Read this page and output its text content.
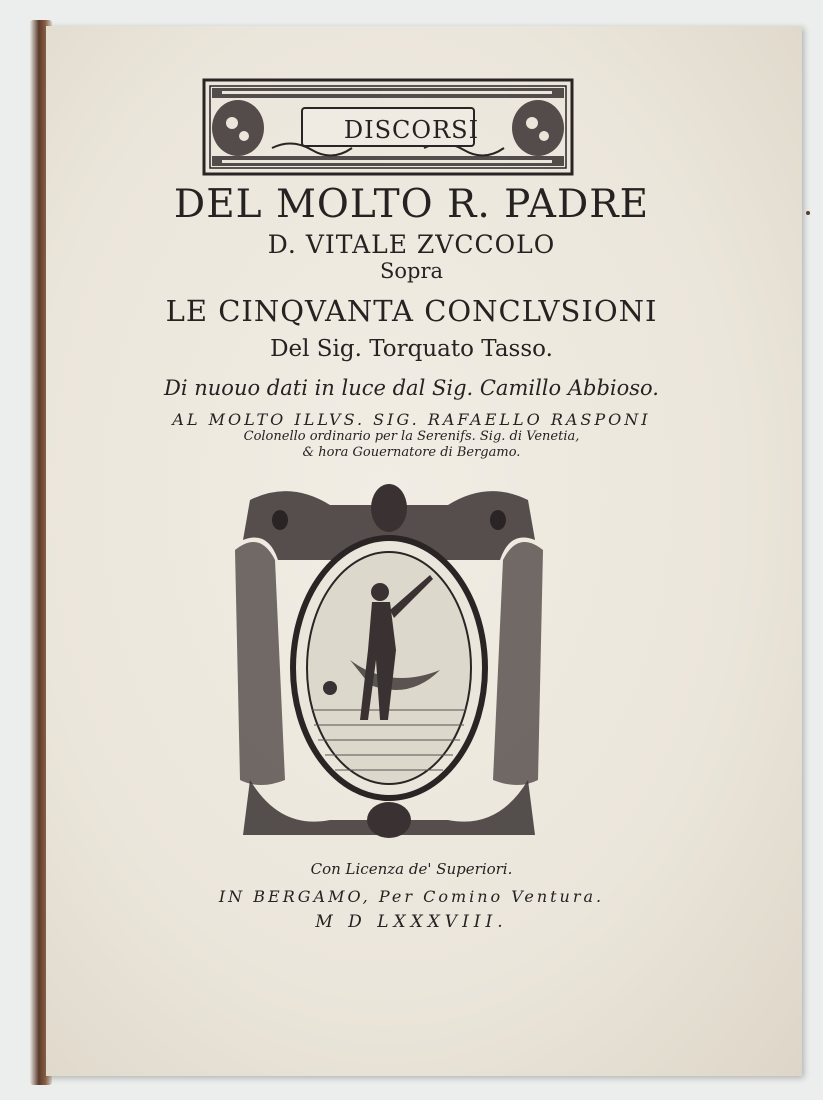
DISCORSI
DEL MOLTO R. PADRE
D. VITALE ZVCCOLO
Sopra
LE CINQVANTA CONCLVSIONI
Del Sig. Torquato Tasso.
Di nuouo dati in luce dal Sig. Camillo Abbioso.
AL MOLTO ILLVS. SIG. RAFAELLO RASPONI
Colonello ordinario per la Serenifs. Sig. di Venetia,
& hora Gouernatore di Bergamo.
Con Licenza de' Superiori.
IN BERGAMO, Per Comino Ventura.
M D LXXXVIII.
